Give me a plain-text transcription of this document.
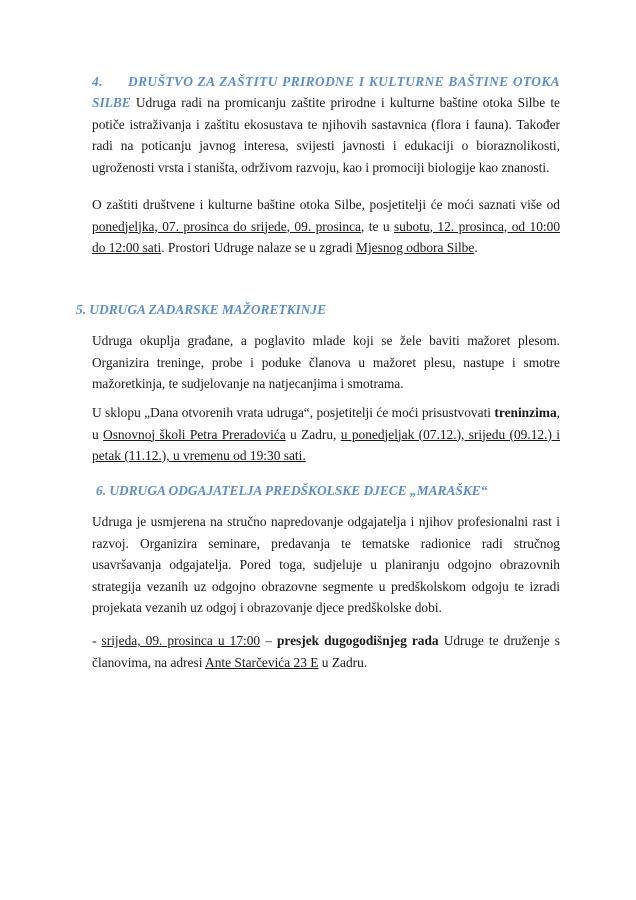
4. DRUŠTVO ZA ZAŠTITU PRIRODNE I KULTURNE BAŠTINE OTOKA

SILBE Udruga radi na promicanju zaštite prirodne i kulturne baštine otoka Silbe te potiče istraživanja i zaštitu ekosustava te njihovih sastavnica (flora i fauna). Također radi na poticanju javnog interesa, svijesti javnosti i edukaciji o bioraznolikosti, ugroženosti vrsta i staništa, održivom razvoju, kao i promociji biologije kao znanosti.

O zaštiti društvene i kulturne baštine otoka Silbe, posjetitelji će moći saznati više od ponedjeljka, 07. prosinca do srijede, 09. prosinca, te u subotu, 12. prosinca, od 10:00 do 12:00 sati. Prostori Udruge nalaze se u zgradi Mjesnog odbora Silbe.

5. UDRUGA ZADARSKE MAŽORETKINJE

Udruga okuplja građane, a poglavito mlade koji se žele baviti mažoret plesom. Organizira treninge, probe i poduke članova u mažoret plesu, nastupe i smotre mažoretkinja, te sudjelovanje na natjecanjima i smotrama.

U sklopu „Dana otvorenih vrata udruga“, posjetitelji će moći prisustvovati treninzima, u Osnovnoj školi Petra Preradovića u Zadru, u ponedjeljak (07.12.), srijedu (09.12.) i petak (11.12.), u vremenu od 19:30 sati.

6. UDRUGA ODGAJATELJA PREDŠKOLSKE DJECE „MARAŠKE“

Udruga je usmjerena na stručno napredovanje odgajatelja i njihov profesionalni rast i razvoj. Organizira seminare, predavanja te tematske radionice radi stručnog usavršavanja odgajatelja. Pored toga, sudjeluje u planiranju odgojno obrazovnih strategija vezanih uz odgojno obrazovne segmente u predškolskom odgoju te izradi projekata vezanih uz odgoj i obrazovanje djece predškolske dobi.

- srijeda, 09. prosinca u 17:00 – presjek dugogodišnjeg rada Udruge te druženje s članovima, na adresi Ante Starčevića 23 E u Zadru.
